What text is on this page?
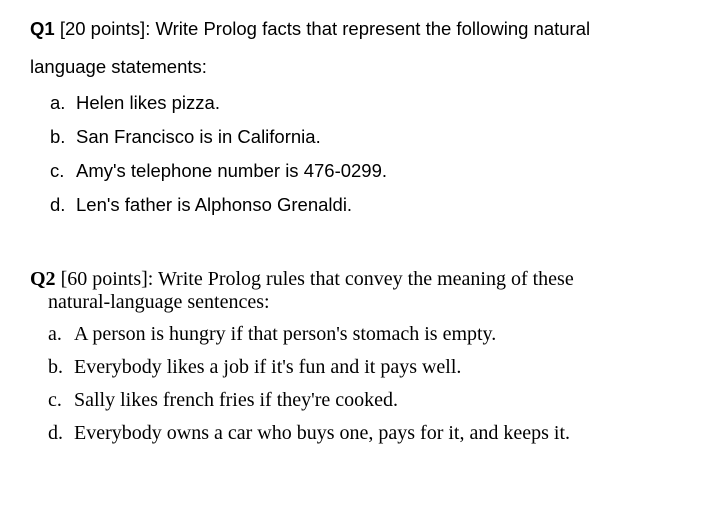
Q1 [20 points]: Write Prolog facts that represent the following natural
language statements:

a. Helen likes pizza.
b. San Francisco is in California.
c. Amy's telephone number is 476-0299.
d. Len's father is Alphonso Grenaldi.

Q2 [60 points]: Write Prolog rules that convey the meaning of these
natural-language sentences:

a. A person is hungry if that person's stomach is empty.
b. Everybody likes a job if it's fun and it pays well.
c. Sally likes french fries if they're cooked.
d. Everybody owns a car who buys one, pays for it, and keeps it.
